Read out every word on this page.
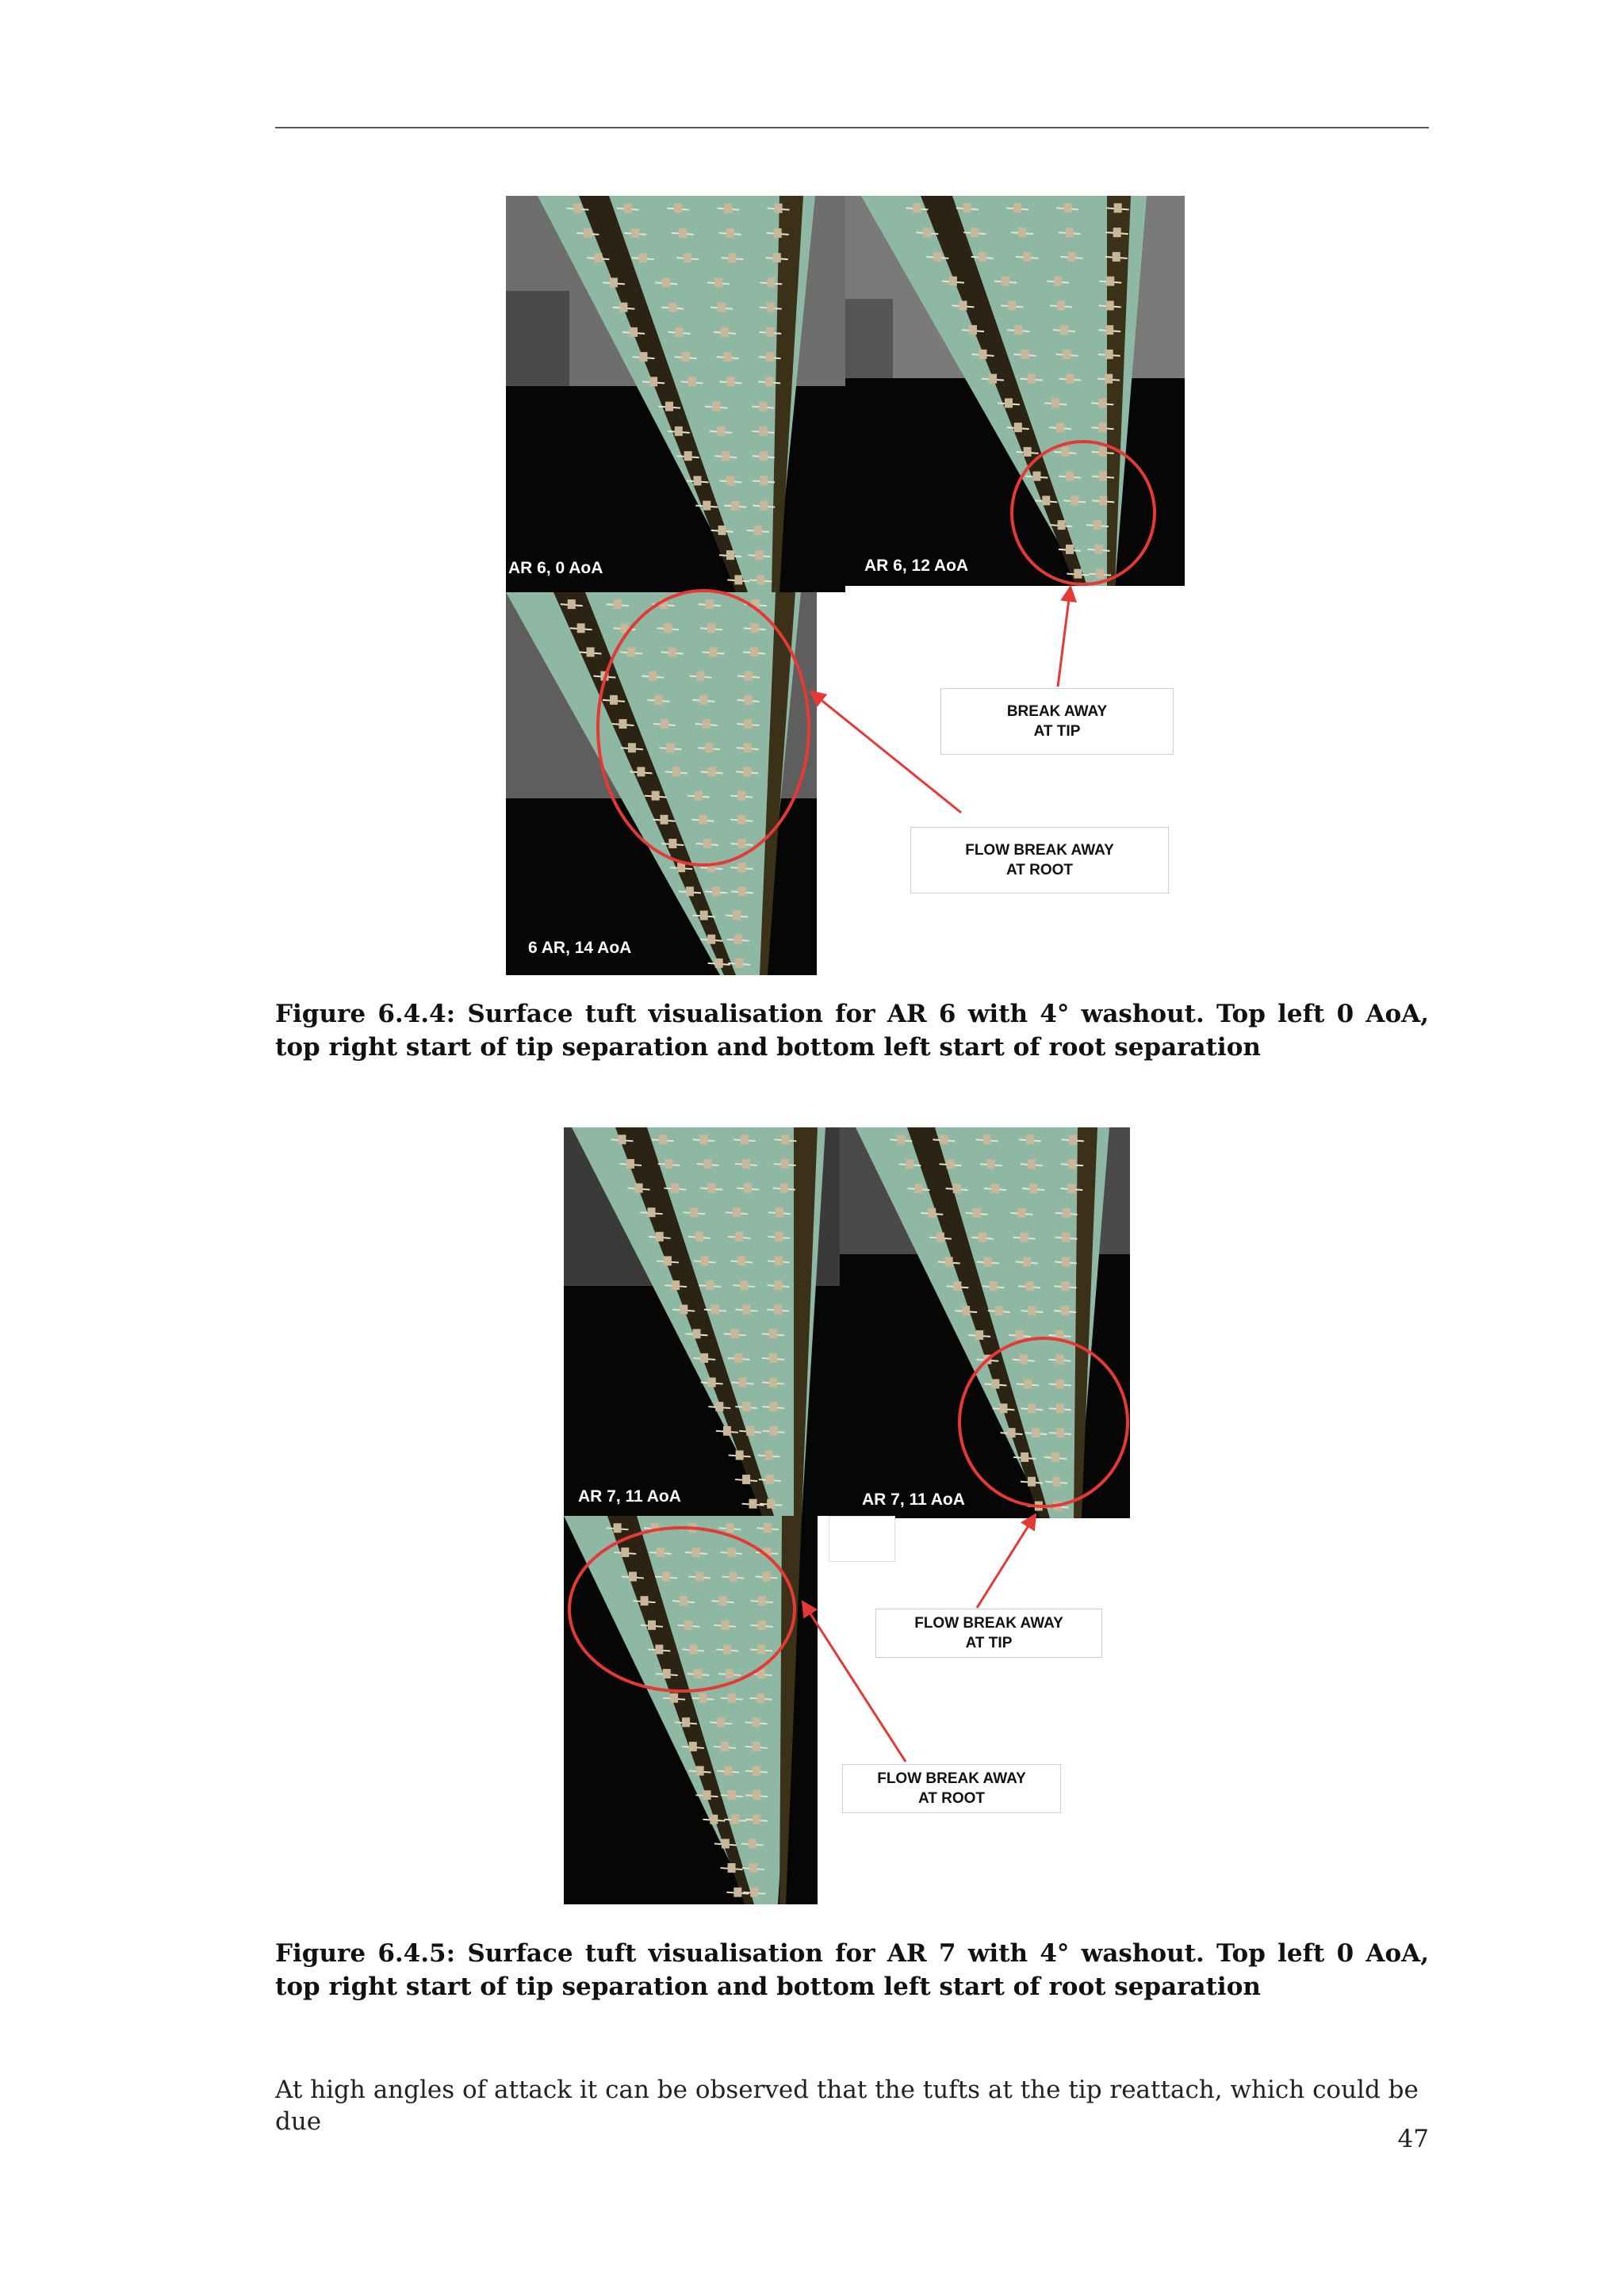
AR 6, 0 AoA	AR 6, 12 AoA
6 AR, 14 AoA
BREAK AWAY
AT TIP
FLOW BREAK AWAY
AT ROOT
Figure 6.4.4: Surface tuft visualisation for AR 6 with 4° washout. Top left 0 AoA, top right start of tip separation and bottom left start of root separation
AR 7, 11 AoA	AR 7, 11 AoA
FLOW BREAK AWAY
AT TIP
FLOW BREAK AWAY
AT ROOT
Figure 6.4.5: Surface tuft visualisation for AR 7 with 4° washout. Top left 0 AoA, top right start of tip separation and bottom left start of root separation
At high angles of attack it can be observed that the tufts at the tip reattach, which could be due
47
